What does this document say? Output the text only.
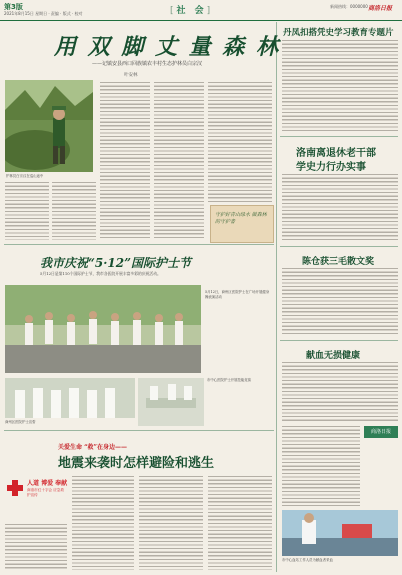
第3版
2021年8月15日 星期日 · 责编 · 版式 · 校对	[社 会]	新闻热线：0000000 商洛日报
用 双 脚 丈 量 森 林
——记镇安县西口回族镇农丰村生态护林员白宗汉
叶安林
护林员白宗汉在巡山途中
守护好青山绿水 做森林的守护者
我市庆祝“5·12”国际护士节
5月12日是第110个国际护士节，我市各医院开展丰富多彩的庆祝活动。
5月12日，商州区医院护士在广场开展健身操表演活动
商州区医院护士宣誓
市中心医院护士开展技能竞赛
关爱生命 “救”在身边——
地震来袭时怎样避险和逃生
人道 博爱 奉献
商洛市红十字会 应急救护宣传
丹凤扣搭凭史学习教育专题片
洛南离退休老干部
学史力行办实事
陈仓获三毛散文奖
献血无损健康
商洛日报
市中心血站工作人员为献血者采血
